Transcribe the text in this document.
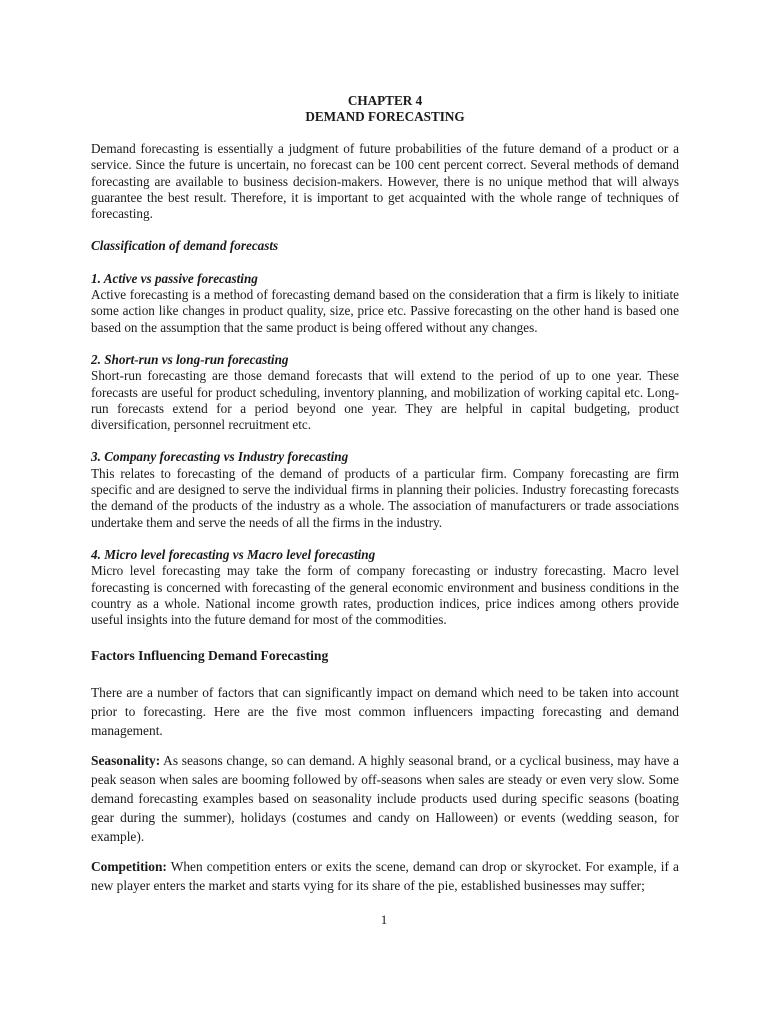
CHAPTER 4
DEMAND FORECASTING

Demand forecasting is essentially a judgment of future probabilities of the future demand of a product or a service. Since the future is uncertain, no forecast can be 100 cent percent correct. Several methods of demand forecasting are available to business decision-makers. However, there is no unique method that will always guarantee the best result. Therefore, it is important to get acquainted with the whole range of techniques of forecasting.

Classification of demand forecasts

1. Active vs passive forecasting

Active forecasting is a method of forecasting demand based on the consideration that a firm is likely to initiate some action like changes in product quality, size, price etc. Passive forecasting on the other hand is based one based on the assumption that the same product is being offered without any changes.

2. Short-run vs long-run forecasting

Short-run forecasting are those demand forecasts that will extend to the period of up to one year. These forecasts are useful for product scheduling, inventory planning, and mobilization of working capital etc. Long-run forecasts extend for a period beyond one year. They are helpful in capital budgeting, product diversification, personnel recruitment etc.

3. Company forecasting vs Industry forecasting

This relates to forecasting of the demand of products of a particular firm. Company forecasting are firm specific and are designed to serve the individual firms in planning their policies. Industry forecasting forecasts the demand of the products of the industry as a whole. The association of manufacturers or trade associations undertake them and serve the needs of all the firms in the industry.

4. Micro level forecasting vs Macro level forecasting

Micro level forecasting may take the form of company forecasting or industry forecasting. Macro level forecasting is concerned with forecasting of the general economic environment and business conditions in the country as a whole. National income growth rates, production indices, price indices among others provide useful insights into the future demand for most of the commodities.

Factors Influencing Demand Forecasting

There are a number of factors that can significantly impact on demand which need to be taken into account prior to forecasting. Here are the five most common influencers impacting forecasting and demand management.

Seasonality: As seasons change, so can demand. A highly seasonal brand, or a cyclical business, may have a peak season when sales are booming followed by off-seasons when sales are steady or even very slow. Some demand forecasting examples based on seasonality include products used during specific seasons (boating gear during the summer), holidays (costumes and candy on Halloween) or events (wedding season, for example).

Competition: When competition enters or exits the scene, demand can drop or skyrocket. For example, if a new player enters the market and starts vying for its share of the pie, established businesses may suffer;

1
